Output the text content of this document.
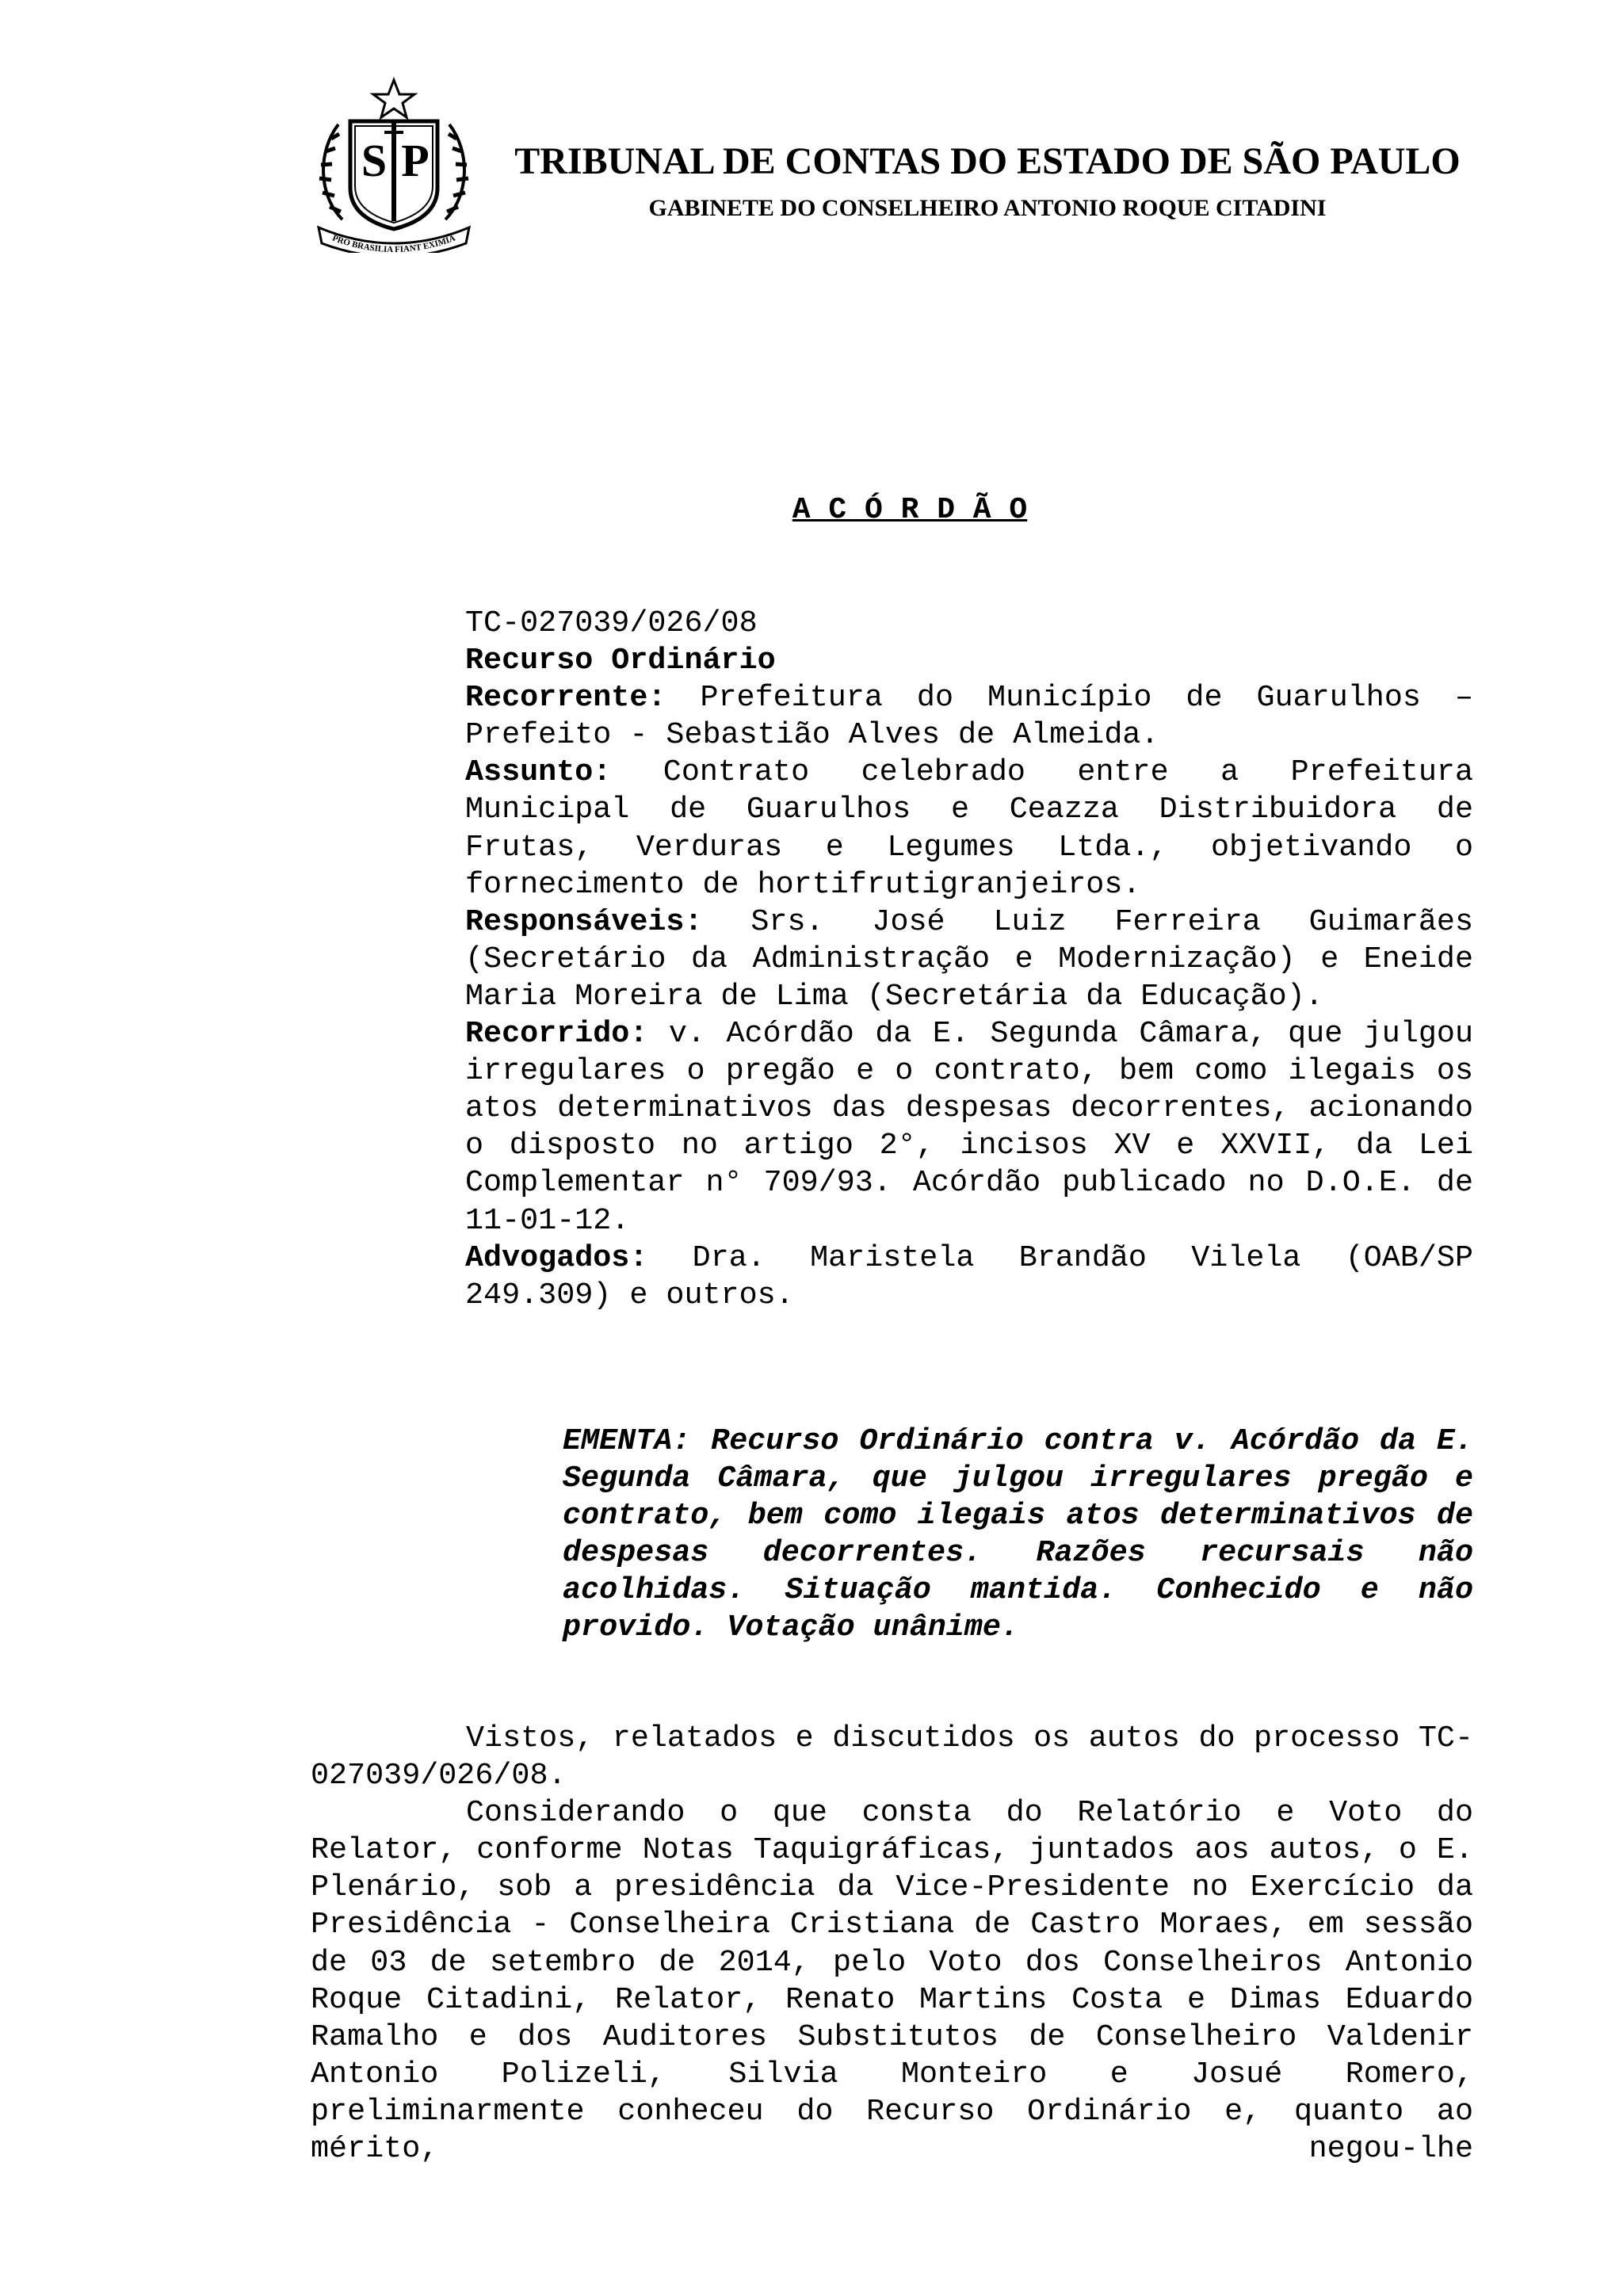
S P
PRO BRASILIA FIANT EXIMIA
TRIBUNAL DE CONTAS DO ESTADO DE SÃO PAULO
GABINETE DO CONSELHEIRO ANTONIO ROQUE CITADINI
A C Ó R D Ã O

TC-027039/026/08

Recurso Ordinário

Recorrente: Prefeitura do Município de Guarulhos – Prefeito - Sebastião Alves de Almeida.

Assunto: Contrato celebrado entre a Prefeitura Municipal de Guarulhos e Ceazza Distribuidora de Frutas, Verduras e Legumes Ltda., objetivando o fornecimento de hortifrutigranjeiros.

Responsáveis: Srs. José Luiz Ferreira Guimarães (Secretário da Administração e Modernização) e Eneide Maria Moreira de Lima (Secretária da Educação).

Recorrido: v. Acórdão da E. Segunda Câmara, que julgou irregulares o pregão e o contrato, bem como ilegais os atos determinativos das despesas decorrentes, acionando o disposto no artigo 2°, incisos XV e XXVII, da Lei Complementar n° 709/93. Acórdão publicado no D.O.E. de 11-01-12.

Advogados: Dra. Maristela Brandão Vilela (OAB/SP 249.309) e outros.

EMENTA: Recurso Ordinário contra v. Acórdão da E. Segunda Câmara, que julgou irregulares pregão e contrato, bem como ilegais atos determinativos de despesas decorrentes. Razões recursais não acolhidas. Situação mantida. Conhecido e não provido. Votação unânime.

Vistos, relatados e discutidos os autos do processo TC-027039/026/08.

Considerando o que consta do Relatório e Voto do Relator, conforme Notas Taquigráficas, juntados aos autos, o E. Plenário, sob a presidência da Vice-Presidente no Exercício da Presidência - Conselheira Cristiana de Castro Moraes, em sessão de 03 de setembro de 2014, pelo Voto dos Conselheiros Antonio Roque Citadini, Relator, Renato Martins Costa e Dimas Eduardo Ramalho e dos Auditores Substitutos de Conselheiro Valdenir Antonio Polizeli, Silvia Monteiro e Josué Romero, preliminarmente conheceu do Recurso Ordinário e, quanto ao mérito, negou-lhe
